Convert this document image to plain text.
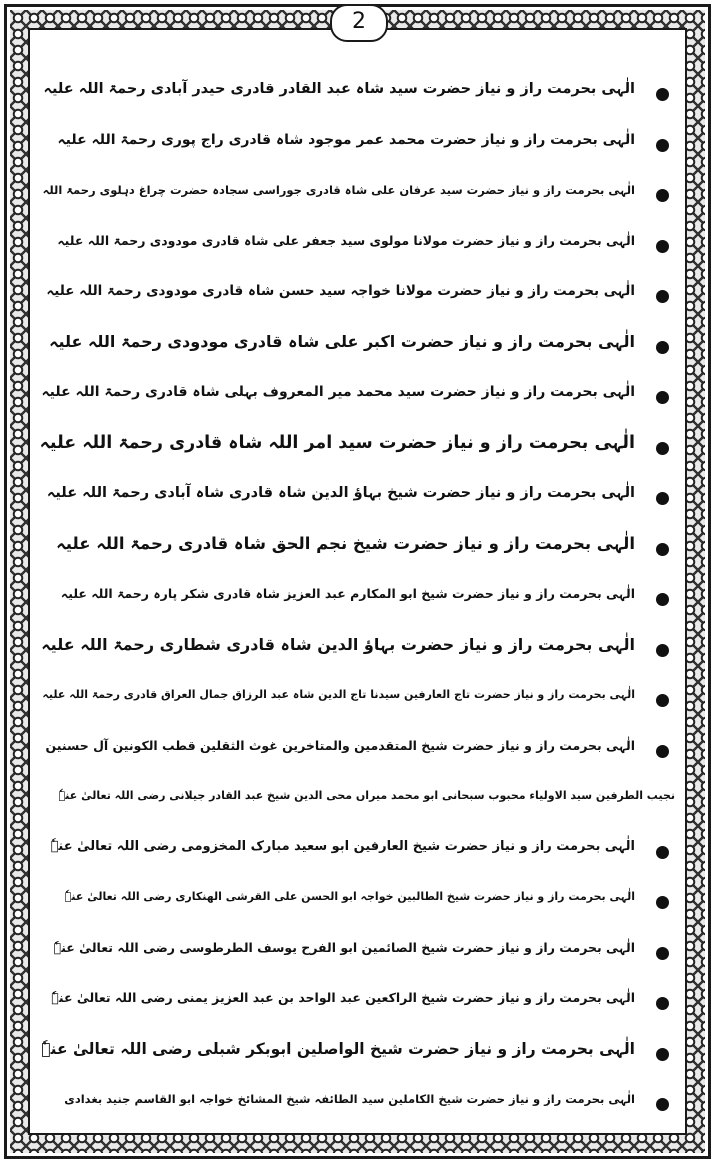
2
الٰہی بحرمت راز و نیاز حضرت سید شاہ عبد القادر قادری حیدر آبادی رحمۃ اللہ علیہ
الٰہی بحرمت راز و نیاز حضرت محمد عمر موجود شاہ قادری راج پوری رحمۃ اللہ علیہ
الٰہی بحرمت راز و نیاز حضرت سید عرفان علی شاہ قادری جوراسی سجادہ حضرت چراغ دہلوی رحمۃ اللہ
الٰہی بحرمت راز و نیاز حضرت مولانا مولوی سید جعفر علی شاہ قادری مودودی رحمۃ اللہ علیہ
الٰہی بحرمت راز و نیاز حضرت مولانا خواجہ سید حسن شاہ قادری مودودی رحمۃ اللہ علیہ
الٰہی بحرمت راز و نیاز حضرت اکبر علی شاہ قادری مودودی رحمۃ اللہ علیہ
الٰہی بحرمت راز و نیاز حضرت سید محمد میر المعروف بہلی شاہ قادری رحمۃ اللہ علیہ
الٰہی بحرمت راز و نیاز حضرت سید امر اللہ شاہ قادری رحمۃ اللہ علیہ
الٰہی بحرمت راز و نیاز حضرت شیخ بہاؤ الدین شاہ قادری شاہ آبادی رحمۃ اللہ علیہ
الٰہی بحرمت راز و نیاز حضرت شیخ نجم الحق شاہ قادری رحمۃ اللہ علیہ
الٰہی بحرمت راز و نیاز حضرت شیخ ابو المکارم عبد العزیز شاہ قادری شکر پارہ رحمۃ اللہ علیہ
الٰہی بحرمت راز و نیاز حضرت بہاؤ الدین شاہ قادری شطاری رحمۃ اللہ علیہ
الٰہی بحرمت راز و نیاز حضرت تاج العارفین سیدنا تاج الدین شاہ عبد الرزاق جمال العراق قادری رحمۃ اللہ علیہ
الٰہی بحرمت راز و نیاز حضرت شیخ المتقدمین والمتاخرین غوث الثقلین قطب الکونین آل حسنین
نجیب الطرفین سید الاولیاء محبوب سبحانی ابو محمد میراں محی الدین شیخ عبد القادر جیلانی رضی اللہ تعالیٰ عنہٗ
الٰہی بحرمت راز و نیاز حضرت شیخ العارفین ابو سعید مبارک المخزومی رضی اللہ تعالیٰ عنہٗ
الٰہی بحرمت راز و نیاز حضرت شیخ الطالبین خواجہ ابو الحسن علی القرشی الھنکاری رضی اللہ تعالیٰ عنہٗ
الٰہی بحرمت راز و نیاز حضرت شیخ الصائمین ابو الفرح یوسف الطرطوسی رضی اللہ تعالیٰ عنہٗ
الٰہی بحرمت راز و نیاز حضرت شیخ الراکعین عبد الواحد بن عبد العزیز یمنی رضی اللہ تعالیٰ عنہٗ
الٰہی بحرمت راز و نیاز حضرت شیخ الواصلین ابوبکر شبلی رضی اللہ تعالیٰ عنہٗ
الٰہی بحرمت راز و نیاز حضرت شیخ الکاملین سید الطائفہ شیخ المشائخ خواجہ ابو القاسم جنید بغدادی
